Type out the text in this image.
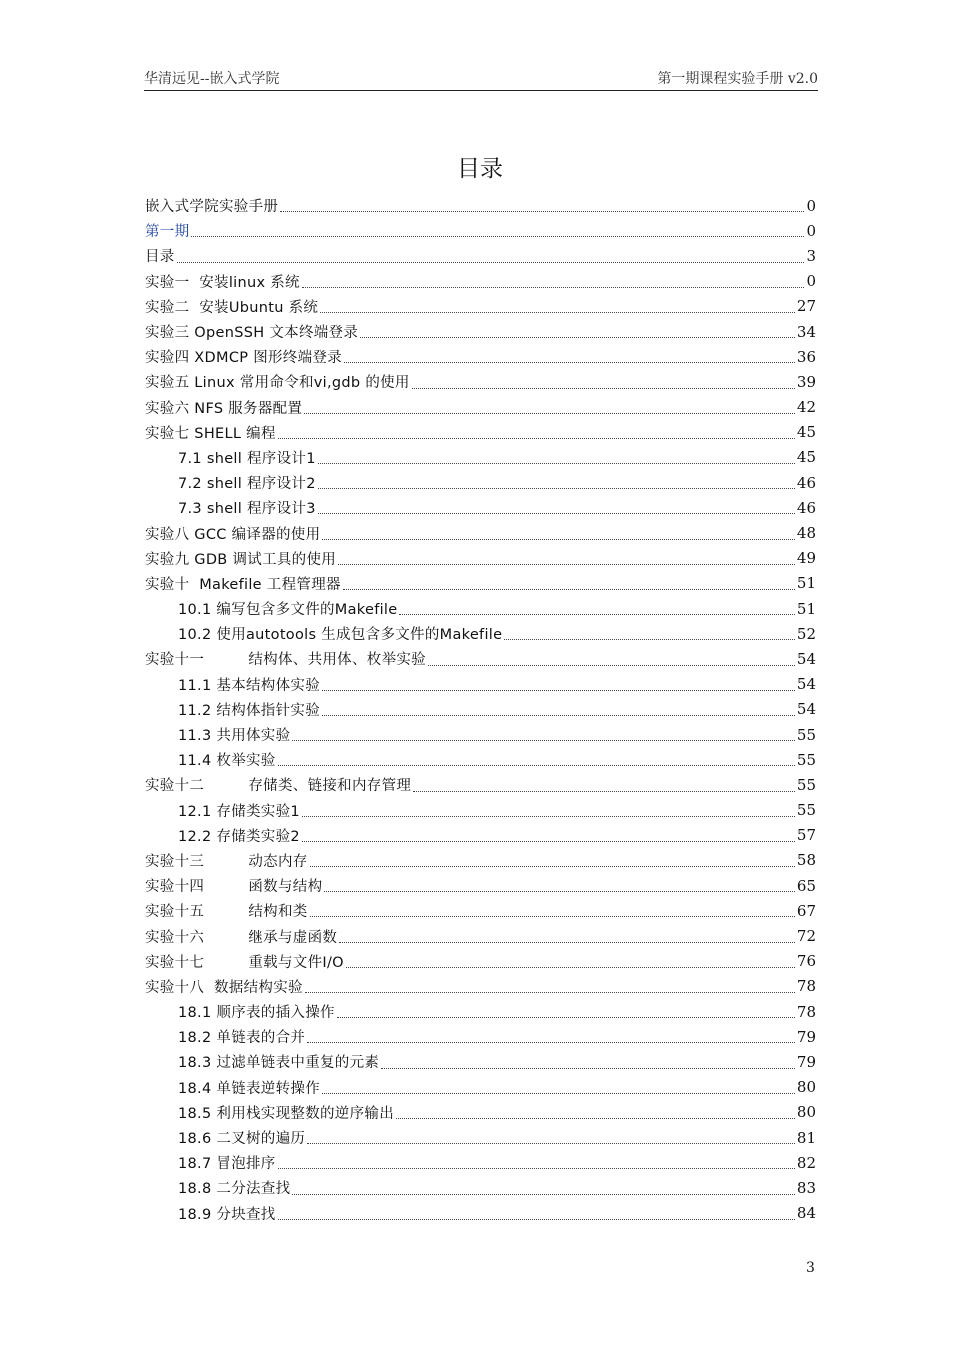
华清远见--嵌入式学院	第一期课程实验手册 v2.0
目录
嵌入式学院实验手册	0
第一期	0
目录	3
实验一  安装linux 系统	0
实验二  安装Ubuntu 系统	27
实验三 OpenSSH 文本终端登录	34
实验四 XDMCP 图形终端登录	36
实验五 Linux 常用命令和vi,gdb 的使用	39
实验六 NFS 服务器配置	42
实验七 SHELL 编程	45
7.1 shell 程序设计1	45
7.2 shell 程序设计2	46
7.3 shell 程序设计3	46
实验八 GCC 编译器的使用	48
实验九 GDB 调试工具的使用	49
实验十  Makefile 工程管理器	51
10.1 编写包含多文件的Makefile	51
10.2 使用autotools 生成包含多文件的Makefile	52
实验十一         结构体、共用体、枚举实验	54
11.1 基本结构体实验	54
11.2 结构体指针实验	54
11.3 共用体实验	55
11.4 枚举实验	55
实验十二         存储类、链接和内存管理	55
12.1 存储类实验1	55
12.2 存储类实验2	57
实验十三         动态内存	58
实验十四         函数与结构	65
实验十五         结构和类	67
实验十六         继承与虚函数	72
实验十七         重载与文件I/O	76
实验十八  数据结构实验	78
18.1 顺序表的插入操作	78
18.2 单链表的合并	79
18.3 过滤单链表中重复的元素	79
18.4 单链表逆转操作	80
18.5 利用栈实现整数的逆序输出	80
18.6 二叉树的遍历	81
18.7 冒泡排序	82
18.8 二分法查找	83
18.9 分块查找	84
3
